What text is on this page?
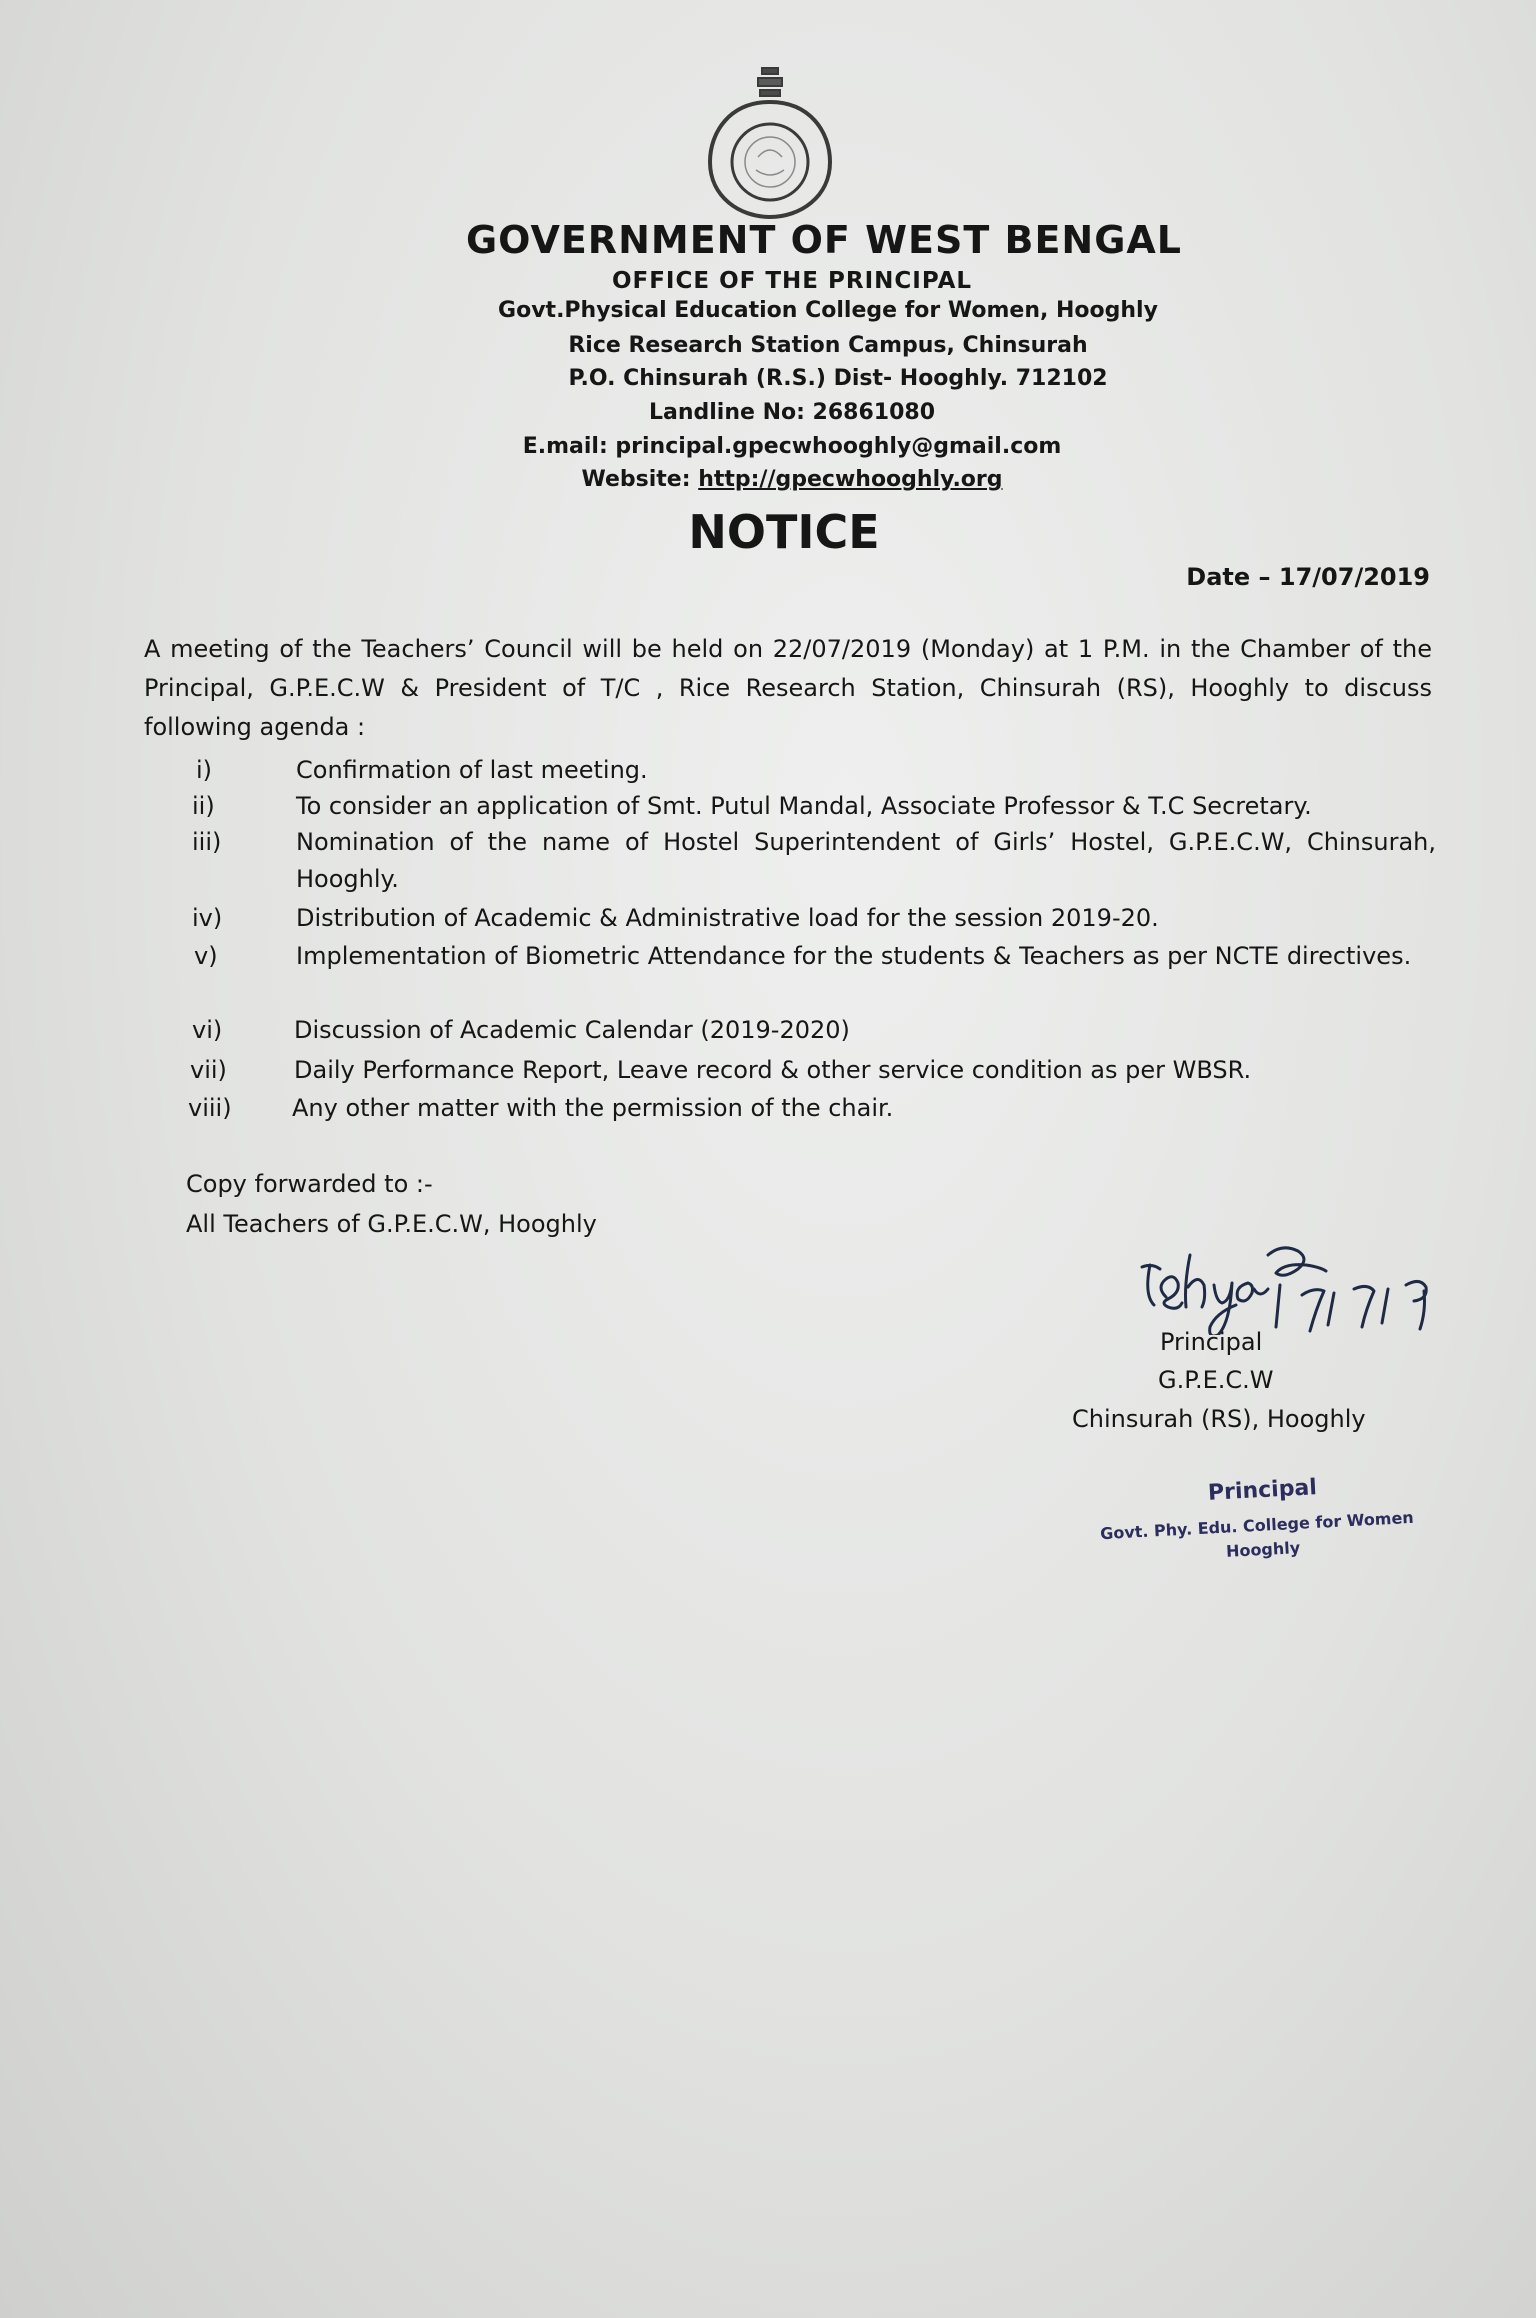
GOVERNMENT OF WEST BENGAL
OFFICE OF THE PRINCIPAL
Govt.Physical Education College for Women, Hooghly
Rice Research Station Campus, Chinsurah
P.O. Chinsurah (R.S.) Dist- Hooghly. 712102
Landline No: 26861080
E.mail: principal.gpecwhooghly@gmail.com
Website: http://gpecwhooghly.org
NOTICE
Date – 17/07/2019

A meeting of the Teachers’ Council will be held on 22/07/2019 (Monday) at 1 P.M. in the Chamber of the Principal, G.P.E.C.W & President of T/C , Rice Research Station, Chinsurah (RS), Hooghly to discuss following agenda :

i)	Confirmation of last meeting.
ii)	To consider an application of Smt. Putul Mandal, Associate Professor & T.C Secretary.
iii)	Nomination of the name of Hostel Superintendent of Girls’ Hostel, G.P.E.C.W, Chinsurah, Hooghly.
iv)	Distribution of Academic & Administrative load for the session 2019-20.
v)	Implementation of Biometric Attendance for the students & Teachers as per NCTE directives.
vi)	Discussion of Academic Calendar (2019-2020)
vii)	Daily Performance Report, Leave record & other service condition as per WBSR.
viii)	Any other matter with the permission of the chair.
Copy forwarded to :-
All Teachers of G.P.E.C.W, Hooghly
Principal
G.P.E.C.W
Chinsurah (RS), Hooghly
Principal
Govt. Phy. Edu. College for Women
Hooghly
